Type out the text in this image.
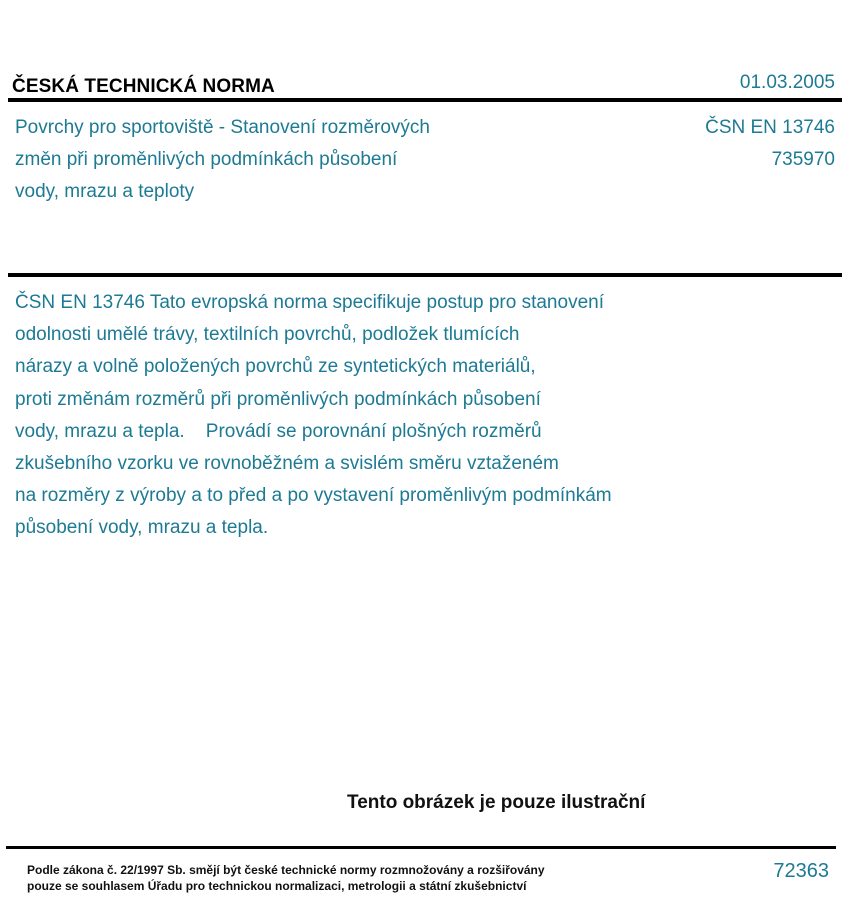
ČESKÁ TECHNICKÁ NORMA	01.03.2005
Povrchy pro sportoviště - Stanovení rozměrových
změn při proměnlivých podmínkách působení
vody, mrazu a teploty
ČSN EN 13746
735970
ČSN EN 13746 Tato evropská norma specifikuje postup pro stanovení
odolnosti umělé trávy, textilních povrchů, podložek tlumících
nárazy a volně položených povrchů ze syntetických materiálů,
proti změnám rozměrů při proměnlivých podmínkách působení
vody, mrazu a tepla.    Provádí se porovnání plošných rozměrů
zkušebního vzorku ve rovnoběžném a svislém směru vztaženém
na rozměry z výroby a to před a po vystavení proměnlivým podmínkám
působení vody, mrazu a tepla.
Tento obrázek je pouze ilustrační
Podle zákona č. 22/1997 Sb. smějí být české technické normy rozmnožovány a rozšiřovány
pouze se souhlasem Úřadu pro technickou normalizaci, metrologii a státní zkušebnictví
72363
